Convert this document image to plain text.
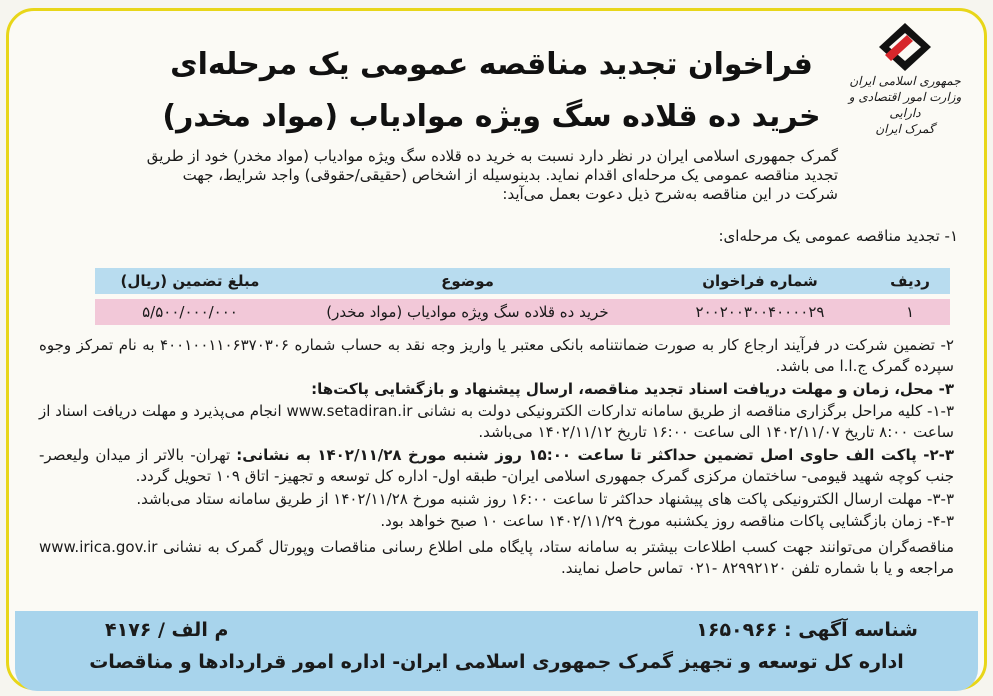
جمهوری اسلامی ایران
وزارت امور اقتصادی و دارایی
گمرک ایران
فراخوان تجدید مناقصه عمومی یک مرحله‌ای
خرید ده قلاده سگ ویژه موادیاب (مواد مخدر)
گمرک جمهوری اسلامی ایران در نظر دارد نسبت به خرید ده قلاده سگ ویژه موادیاب (مواد مخدر) خود از طریق تجدید مناقصه عمومی یک مرحله‌ای اقدام نماید. بدینوسیله از اشخاص (حقیقی/حقوقی) واجد شرایط، جهت شرکت در این مناقصه به‌شرح ذیل دعوت بعمل می‌آید:
۱- تجدید مناقصه عمومی یک مرحله‌ای:
ردیف	شماره فراخوان	موضوع	مبلغ تضمین (ریال)
۱	۲۰۰۲۰۰۳۰۰۴۰۰۰۰۲۹	خرید ده قلاده سگ ویژه موادیاب (مواد مخدر)	۵/۵۰۰/۰۰۰/۰۰۰
۲- تضمین شرکت در فرآیند ارجاع کار به صورت ضمانتنامه بانکی معتبر یا واریز وجه نقد به حساب شماره ۴۰۰۱۰۰۱۱۰۶۳۷۰۳۰۶ به نام تمرکز وجوه سپرده گمرک ج.ا.ا می باشد.
۳- محل، زمان و مهلت دریافت اسناد تجدید مناقصه، ارسال پیشنهاد و بازگشایی پاکت‌ها:
۱-۳- کلیه مراحل برگزاری مناقصه از طریق سامانه تدارکات الکترونیکی دولت به نشانی www.setadiran.ir انجام می‌پذیرد و مهلت دریافت اسناد از ساعت ۸:۰۰ تاریخ ۱۴۰۲/۱۱/۰۷ الی ساعت ۱۶:۰۰ تاریخ ۱۴۰۲/۱۱/۱۲ می‌باشد.
۲-۳- پاکت الف حاوی اصل تضمین حداکثر تا ساعت ۱۵:۰۰ روز شنبه مورخ ۱۴۰۲/۱۱/۲۸ به نشانی: تهران- بالاتر از میدان ولیعصر- جنب کوچه شهید قیومی- ساختمان مرکزی گمرک جمهوری اسلامی ایران- طبقه اول- اداره کل توسعه و تجهیز- اتاق ۱۰۹ تحویل گردد.
۳-۳- مهلت ارسال الکترونیکی پاکت های پیشنهاد حداکثر تا ساعت ۱۶:۰۰ روز شنبه مورخ ۱۴۰۲/۱۱/۲۸ از طریق سامانه ستاد می‌باشد.
۴-۳- زمان بازگشایی پاکات مناقصه روز یکشنبه مورخ ۱۴۰۲/۱۱/۲۹ ساعت ۱۰ صبح خواهد بود.
مناقصه‌گران می‌توانند جهت کسب اطلاعات بیشتر به سامانه ستاد، پایگاه ملی اطلاع رسانی مناقصات وپورتال گمرک به نشانی www.irica.gov.ir مراجعه و یا با شماره تلفن ۸۲۹۹۲۱۲۰ -۰۲۱ تماس حاصل نمایند.
شناسه آگهی : ۱۶۵۰۹۶۶
م الف / ۴۱۷۶
اداره کل توسعه و تجهیز گمرک جمهوری اسلامی ایران- اداره امور قراردادها و مناقصات
